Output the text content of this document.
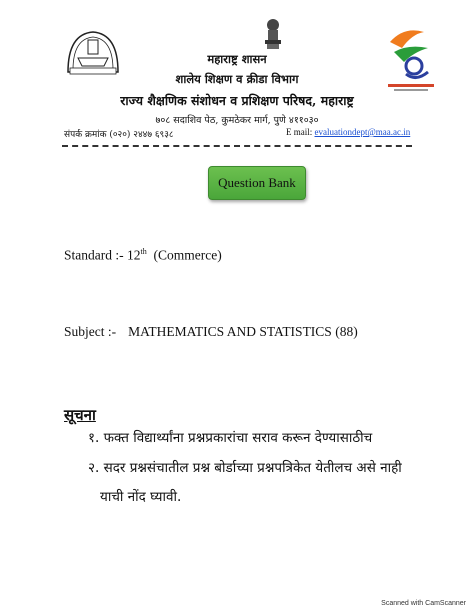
महाराष्ट्र शासन
शालेय शिक्षण व क्रीडा विभाग
राज्य शैक्षणिक संशोधन व प्रशिक्षण परिषद, महाराष्ट्र
७०८ सदाशिव पेठ, कुमठेकर मार्ग, पुणे ४११०३०
संपर्क क्रमांक (०२०) २४४७ ६९३८	E mail: evaluationdept@maa.ac.in
Question Bank
Standard :- 12th (Commerce)
Subject :- MATHEMATICS AND STATISTICS (88)
सूचना
१. फक्त विद्यार्थ्यांना प्रश्नप्रकारांचा सराव करून देण्यासाठीच
२. सदर प्रश्नसंचातील प्रश्न बोर्डाच्या प्रश्नपत्रिकेत येतीलच असे नाही
याची नोंद घ्यावी.
Scanned with CamScanner
